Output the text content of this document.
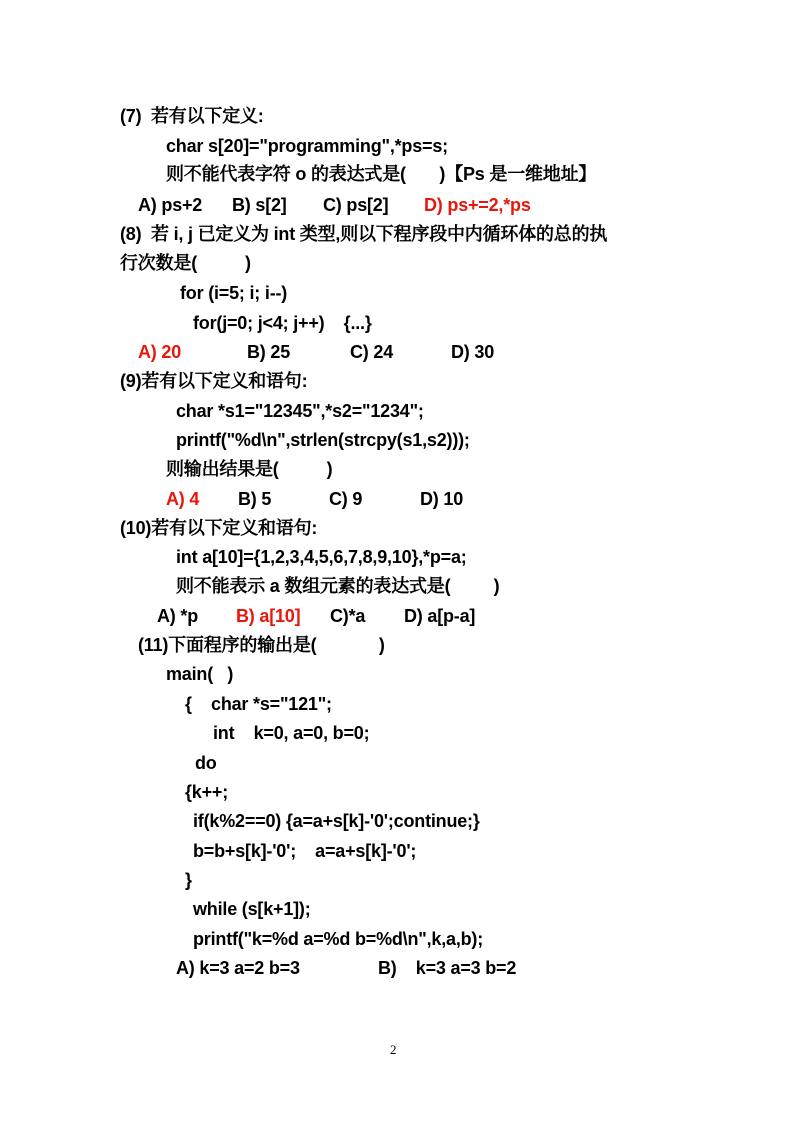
(7)  若有以下定义:
char s[20]="programming",*ps=s;
则不能代表字符 o 的表达式是(       )【Ps 是一维地址】
A) ps+2 B) s[2] C) ps[2] D) ps+=2,*ps
(8)  若 i, j 已定义为 int 类型,则以下程序段中内循环体的总的执
行次数是(          )
for (i=5; i; i--)
for(j=0; j<4; j++)    {...}
A) 20	B) 25	C) 24	D) 30
(9)若有以下定义和语句:
char *s1="12345",*s2="1234";
printf("%d\n",strlen(strcpy(s1,s2)));
则输出结果是(          )
A) 4 B) 5	C) 9	D) 10
(10)若有以下定义和语句:
int a[10]={1,2,3,4,5,6,7,8,9,10},*p=a;
则不能表示 a 数组元素的表达式是(         )
A) *p B) a[10] C)*a D) a[p-a]
(11)下面程序的输出是(             )
main(   )
{    char *s="121";
int    k=0, a=0, b=0;
do
{k++;
if(k%2==0) {a=a+s[k]-'0';continue;}
b=b+s[k]-'0';    a=a+s[k]-'0';
}
while (s[k+1]);
printf("k=%d a=%d b=%d\n",k,a,b);
A) k=3 a=2 b=3	B)    k=3 a=3 b=2
2
